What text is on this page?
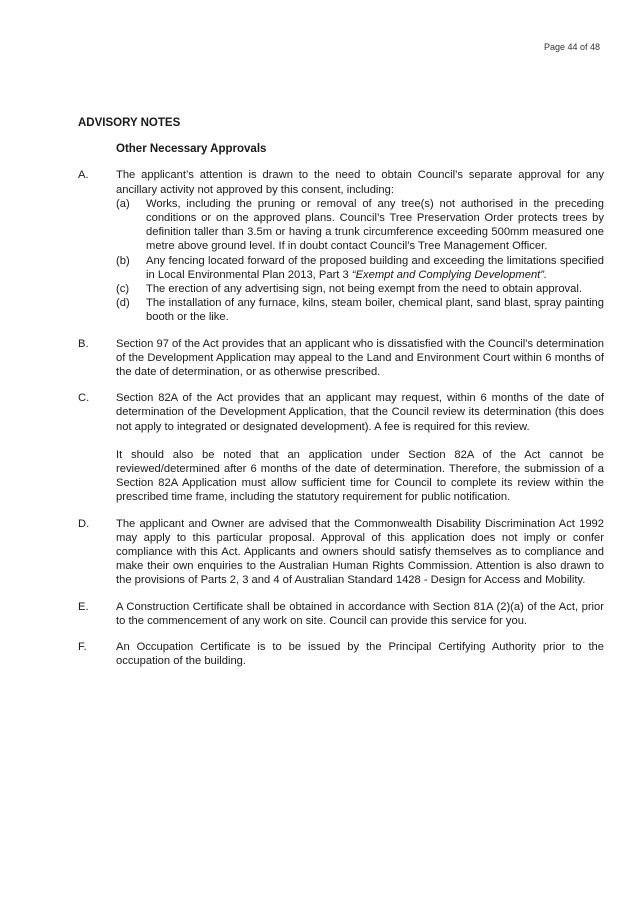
Page 44 of 48
ADVISORY NOTES
Other Necessary Approvals
A.	The applicant’s attention is drawn to the need to obtain Council’s separate approval for any ancillary activity not approved by this consent, including:

(a)	Works, including the pruning or removal of any tree(s) not authorised in the preceding conditions or on the approved plans. Council’s Tree Preservation Order protects trees by definition taller than 3.5m or having a trunk circumference exceeding 500mm measured one metre above ground level. If in doubt contact Council’s Tree Management Officer.
(b)	Any fencing located forward of the proposed building and exceeding the limitations specified in Local Environmental Plan 2013, Part 3 “Exempt and Complying Development”.
(c)	The erection of any advertising sign, not being exempt from the need to obtain approval.
(d)	The installation of any furnace, kilns, steam boiler, chemical plant, sand blast, spray painting booth or the like.
B.	Section 97 of the Act provides that an applicant who is dissatisfied with the Council’s determination of the Development Application may appeal to the Land and Environment Court within 6 months of the date of determination, or as otherwise prescribed.

C.	Section 82A of the Act provides that an applicant may request, within 6 months of the date of determination of the Development Application, that the Council review its determination (this does not apply to integrated or designated development). A fee is required for this review.

It should also be noted that an application under Section 82A of the Act cannot be reviewed/determined after 6 months of the date of determination. Therefore, the submission of a Section 82A Application must allow sufficient time for Council to complete its review within the prescribed time frame, including the statutory requirement for public notification.

D.	The applicant and Owner are advised that the Commonwealth Disability Discrimination Act 1992 may apply to this particular proposal. Approval of this application does not imply or confer compliance with this Act. Applicants and owners should satisfy themselves as to compliance and make their own enquiries to the Australian Human Rights Commission. Attention is also drawn to the provisions of Parts 2, 3 and 4 of Australian Standard 1428 - Design for Access and Mobility.

E.	A Construction Certificate shall be obtained in accordance with Section 81A (2)(a) of the Act, prior to the commencement of any work on site. Council can provide this service for you.

F.	An Occupation Certificate is to be issued by the Principal Certifying Authority prior to the occupation of the building.
